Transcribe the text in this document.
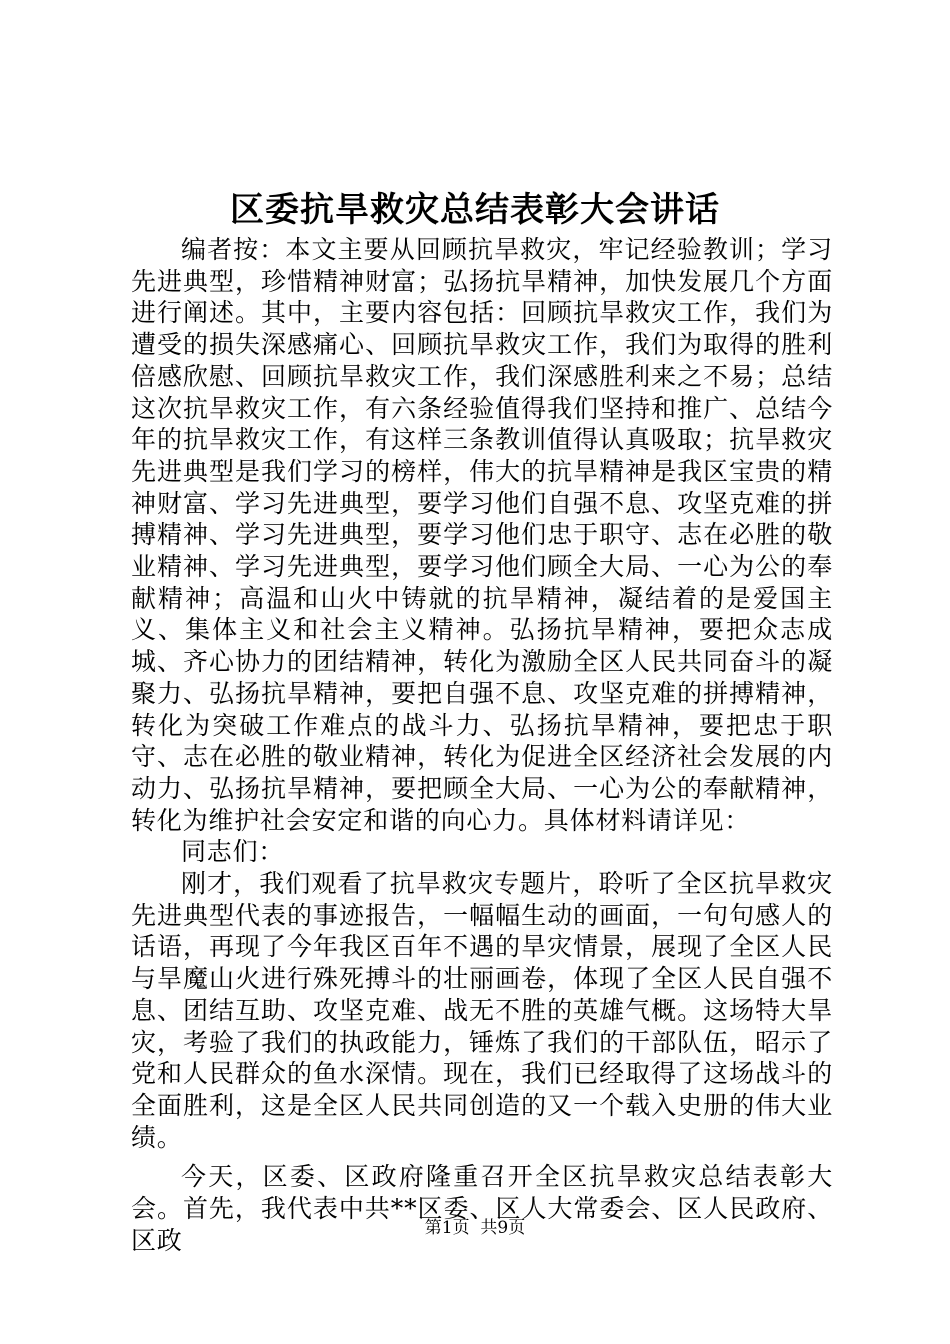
区委抗旱救灾总结表彰大会讲话

编者按：本文主要从回顾抗旱救灾，牢记经验教训；学习先进典型，珍惜精神财富；弘扬抗旱精神，加快发展几个方面进行阐述。其中，主要内容包括：回顾抗旱救灾工作，我们为遭受的损失深感痛心、回顾抗旱救灾工作，我们为取得的胜利倍感欣慰、回顾抗旱救灾工作，我们深感胜利来之不易；总结这次抗旱救灾工作，有六条经验值得我们坚持和推广、总结今年的抗旱救灾工作，有这样三条教训值得认真吸取；抗旱救灾先进典型是我们学习的榜样，伟大的抗旱精神是我区宝贵的精神财富、学习先进典型，要学习他们自强不息、攻坚克难的拼搏精神、学习先进典型，要学习他们忠于职守、志在必胜的敬业精神、学习先进典型，要学习他们顾全大局、一心为公的奉献精神；高温和山火中铸就的抗旱精神，凝结着的是爱国主义、集体主义和社会主义精神。弘扬抗旱精神，要把众志成城、齐心协力的团结精神，转化为激励全区人民共同奋斗的凝聚力、弘扬抗旱精神，要把自强不息、攻坚克难的拼搏精神，转化为突破工作难点的战斗力、弘扬抗旱精神，要把忠于职守、志在必胜的敬业精神，转化为促进全区经济社会发展的内动力、弘扬抗旱精神，要把顾全大局、一心为公的奉献精神，转化为维护社会安定和谐的向心力。具体材料请详见：

同志们：

刚才，我们观看了抗旱救灾专题片，聆听了全区抗旱救灾先进典型代表的事迹报告，一幅幅生动的画面，一句句感人的话语，再现了今年我区百年不遇的旱灾情景，展现了全区人民与旱魔山火进行殊死搏斗的壮丽画卷，体现了全区人民自强不息、团结互助、攻坚克难、战无不胜的英雄气概。这场特大旱灾，考验了我们的执政能力，锤炼了我们的干部队伍，昭示了党和人民群众的鱼水深情。现在，我们已经取得了这场战斗的全面胜利，这是全区人民共同创造的又一个载入史册的伟大业绩。

今天，区委、区政府隆重召开全区抗旱救灾总结表彰大会。首先，我代表中共**区委、区人大常委会、区人民政府、区政	第1页 共9页
